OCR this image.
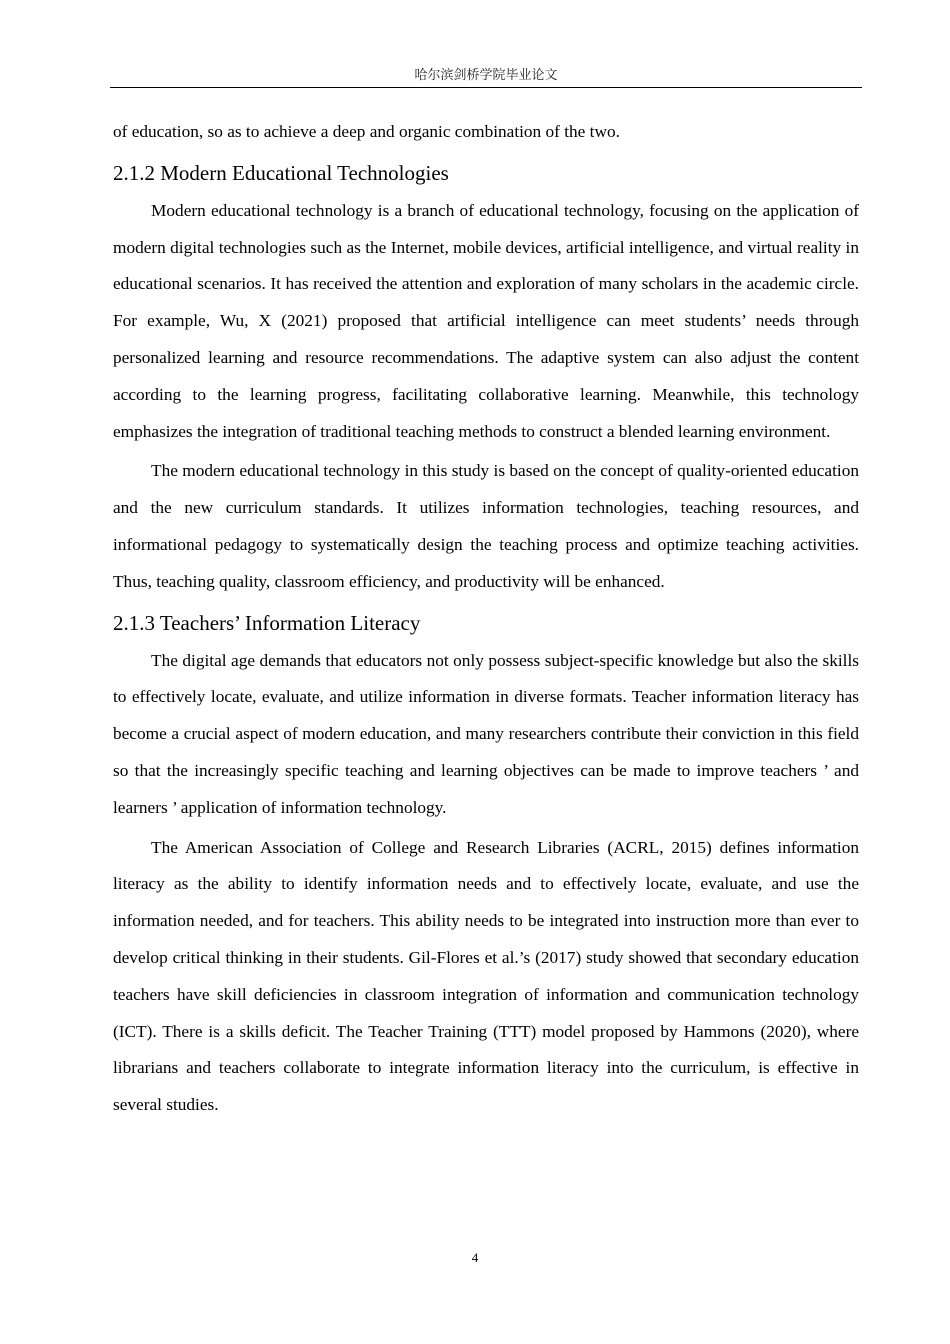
哈尔滨剑桥学院毕业论文

of education, so as to achieve a deep and organic combination of the two.

2.1.2 Modern Educational Technologies

Modern educational technology is a branch of educational technology, focusing on the application of modern digital technologies such as the Internet, mobile devices, artificial intelligence, and virtual reality in educational scenarios. It has received the attention and exploration of many scholars in the academic circle. For example, Wu, X (2021) proposed that artificial intelligence can meet students’ needs through personalized learning and resource recommendations. The adaptive system can also adjust the content according to the learning progress, facilitating collaborative learning. Meanwhile, this technology emphasizes the integration of traditional teaching methods to construct a blended learning environment.

The modern educational technology in this study is based on the concept of quality-oriented education and the new curriculum standards. It utilizes information technologies, teaching resources, and informational pedagogy to systematically design the teaching process and optimize teaching activities. Thus, teaching quality, classroom efficiency, and productivity will be enhanced.

2.1.3 Teachers’ Information Literacy

The digital age demands that educators not only possess subject-specific knowledge but also the skills to effectively locate, evaluate, and utilize information in diverse formats. Teacher information literacy has become a crucial aspect of modern education, and many researchers contribute their conviction in this field so that the increasingly specific teaching and learning objectives can be made to improve teachers ’ and learners ’ application of information technology.

The American Association of College and Research Libraries (ACRL, 2015) defines information literacy as the ability to identify information needs and to effectively locate, evaluate, and use the information needed, and for teachers. This ability needs to be integrated into instruction more than ever to develop critical thinking in their students. Gil-Flores et al.’s (2017) study showed that secondary education teachers have skill deficiencies in classroom integration of information and communication technology (ICT). There is a skills deficit. The Teacher Training (TTT) model proposed by Hammons (2020), where librarians and teachers collaborate to integrate information literacy into the curriculum, is effective in several studies.

4
